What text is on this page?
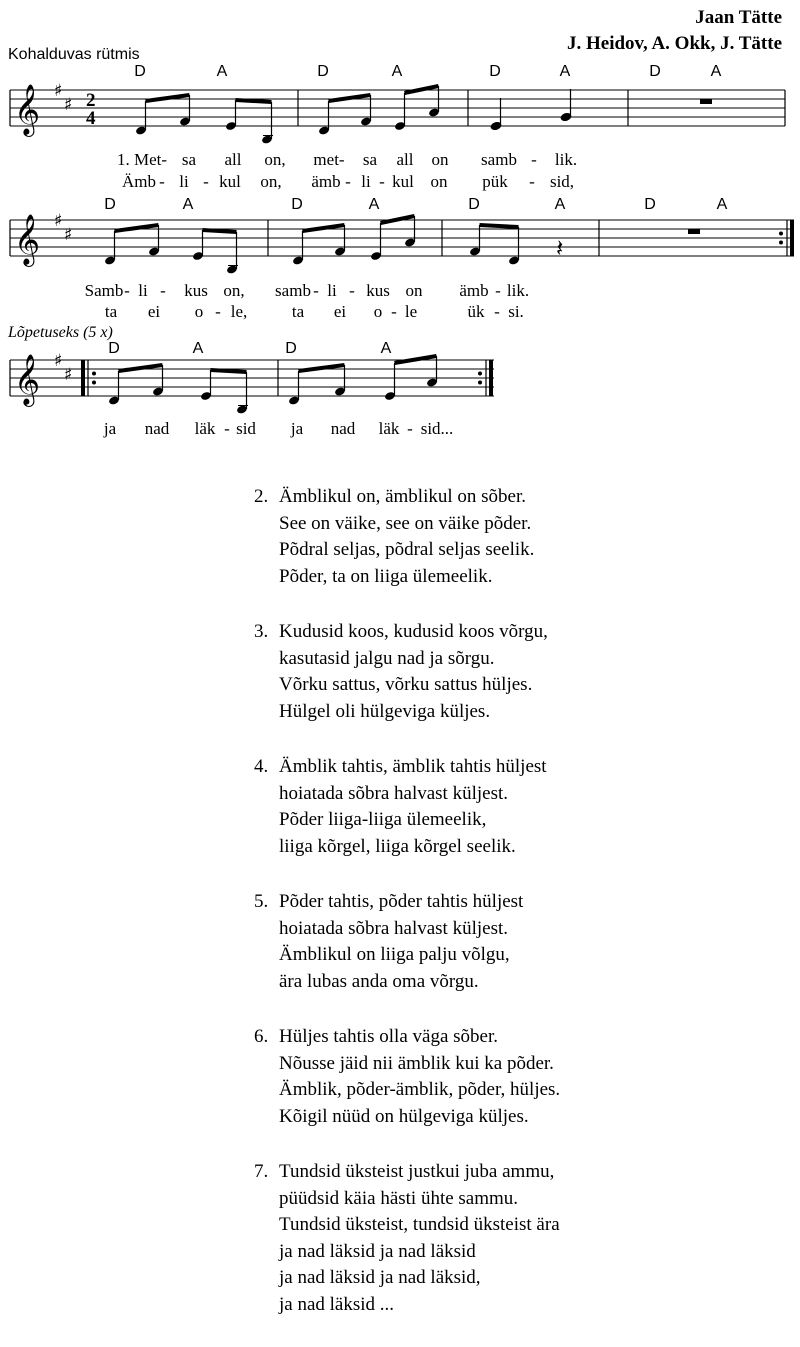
Jaan Tätte
J. Heidov, A. Okk, J. Tätte
Kohalduvas rütmis
D	A	D	A	D	A	D	A
𝄞 ♯
♯ 2
4
1. Met- sa all on, met- sa all on samb - lik.
Ämb - li - kul on, ämb - li - kul on pük - sid,
D	A	D	A	D	A	D	A
𝄞 ♯
♯	𝄽
Samb - li - kus on, samb - li - kus on ämb - lik.
ta ei o - le,	ta ei o - le	ük - si.
Lõpetuseks (5 x)
D	A	D	A
𝄞 ♯
♯
ja nad läk - sid ja nad läk - sid...
2. Ämblikul on, ämblikul on sõber.
See on väike, see on väike põder.
Põdral seljas, põdral seljas seelik.
Põder, ta on liiga ülemeelik.
3. Kudusid koos, kudusid koos võrgu,
kasutasid jalgu nad ja sõrgu.
Võrku sattus, võrku sattus hüljes.
Hülgel oli hülgeviga küljes.
4. Ämblik tahtis, ämblik tahtis hüljest
hoiatada sõbra halvast küljest.
Põder liiga-liiga ülemeelik,
liiga kõrgel, liiga kõrgel seelik.
5. Põder tahtis, põder tahtis hüljest
hoiatada sõbra halvast küljest.
Ämblikul on liiga palju võlgu,
ära lubas anda oma võrgu.
6. Hüljes tahtis olla väga sõber.
Nõusse jäid nii ämblik kui ka põder.
Ämblik, põder-ämblik, põder, hüljes.
Kõigil nüüd on hülgeviga küljes.
7. Tundsid üksteist justkui juba ammu,
püüdsid käia hästi ühte sammu.
Tundsid üksteist, tundsid üksteist ära
ja nad läksid ja nad läksid
ja nad läksid ja nad läksid,
ja nad läksid ...
